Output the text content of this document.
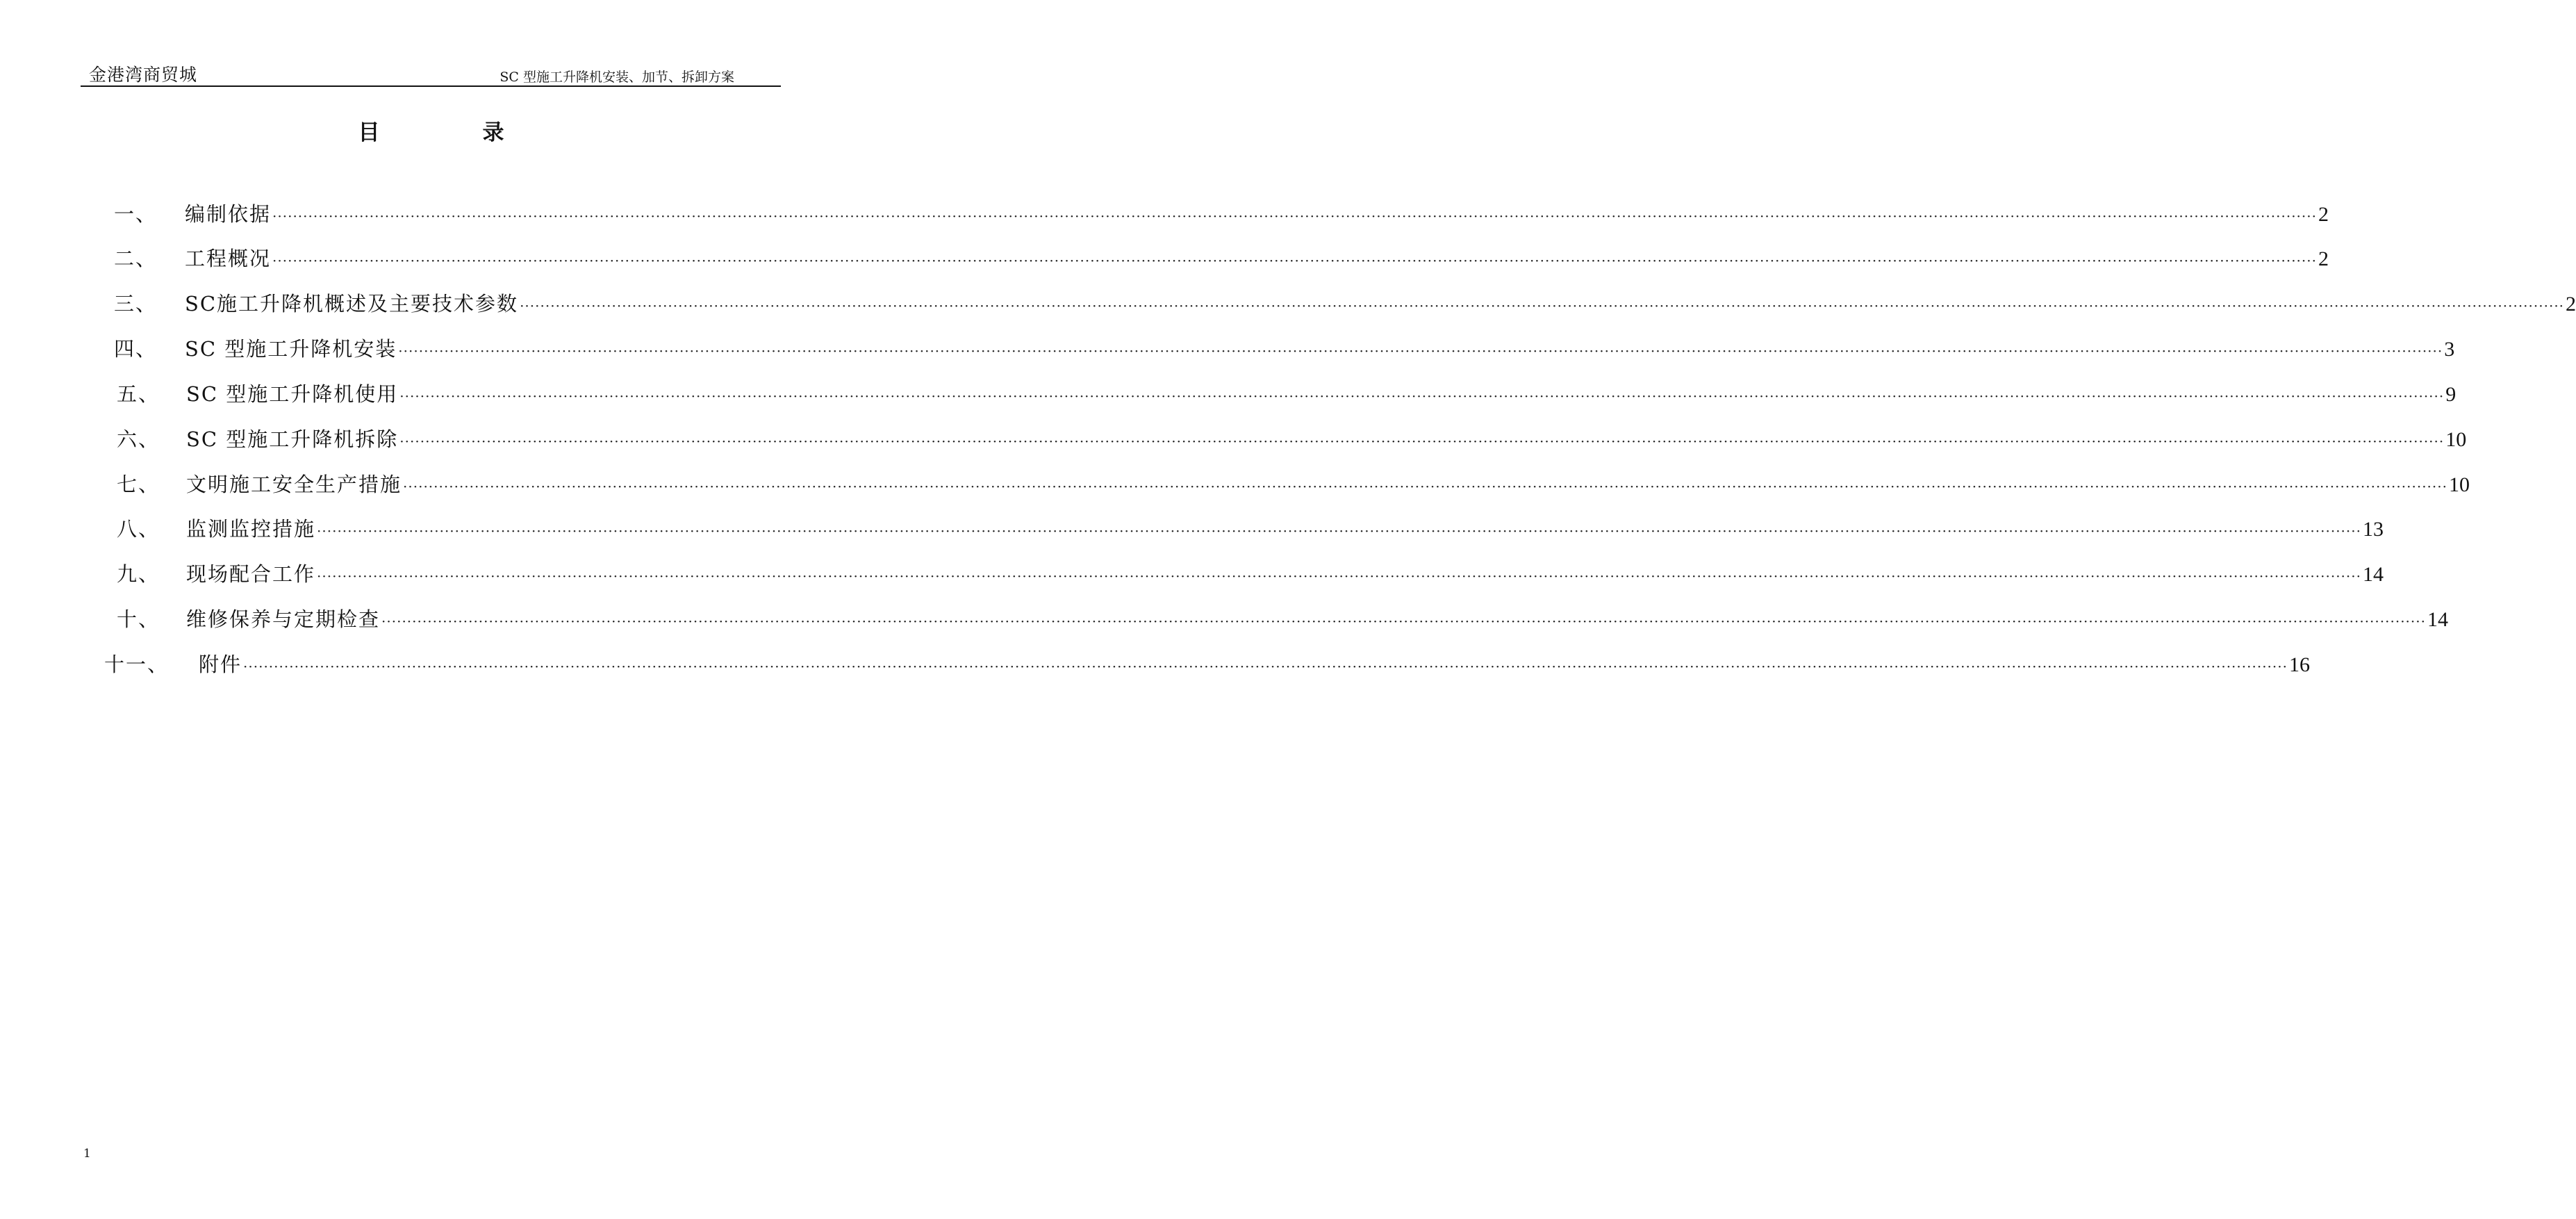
金港湾商贸城	SC 型施工升降机安装、加节、拆卸方案
目录
一、 编制依据 ················································································································································································································································································································································································································ 2
二、 工程概况 ················································································································································································································································································································································································································ 2
三、 SC施工升降机概述及主要技术参数 ················································································································································································································································································································································································································ 2
四、 SC 型施工升降机安装 ················································································································································································································································································································································································································ 3
五、 SC 型施工升降机使用 ················································································································································································································································································································································································································ 9
六、 SC 型施工升降机拆除 ················································································································································································································································································································································································································ 10
七、 文明施工安全生产措施 ················································································································································································································································································································································································································ 10
八、 监测监控措施 ················································································································································································································································································································································································································ 13
九、 现场配合工作 ················································································································································································································································································································································································································ 14
十、 维修保养与定期检查 ················································································································································································································································································································································································································ 14
十一、 附件 ················································································································································································································································································································································································································ 16
1
